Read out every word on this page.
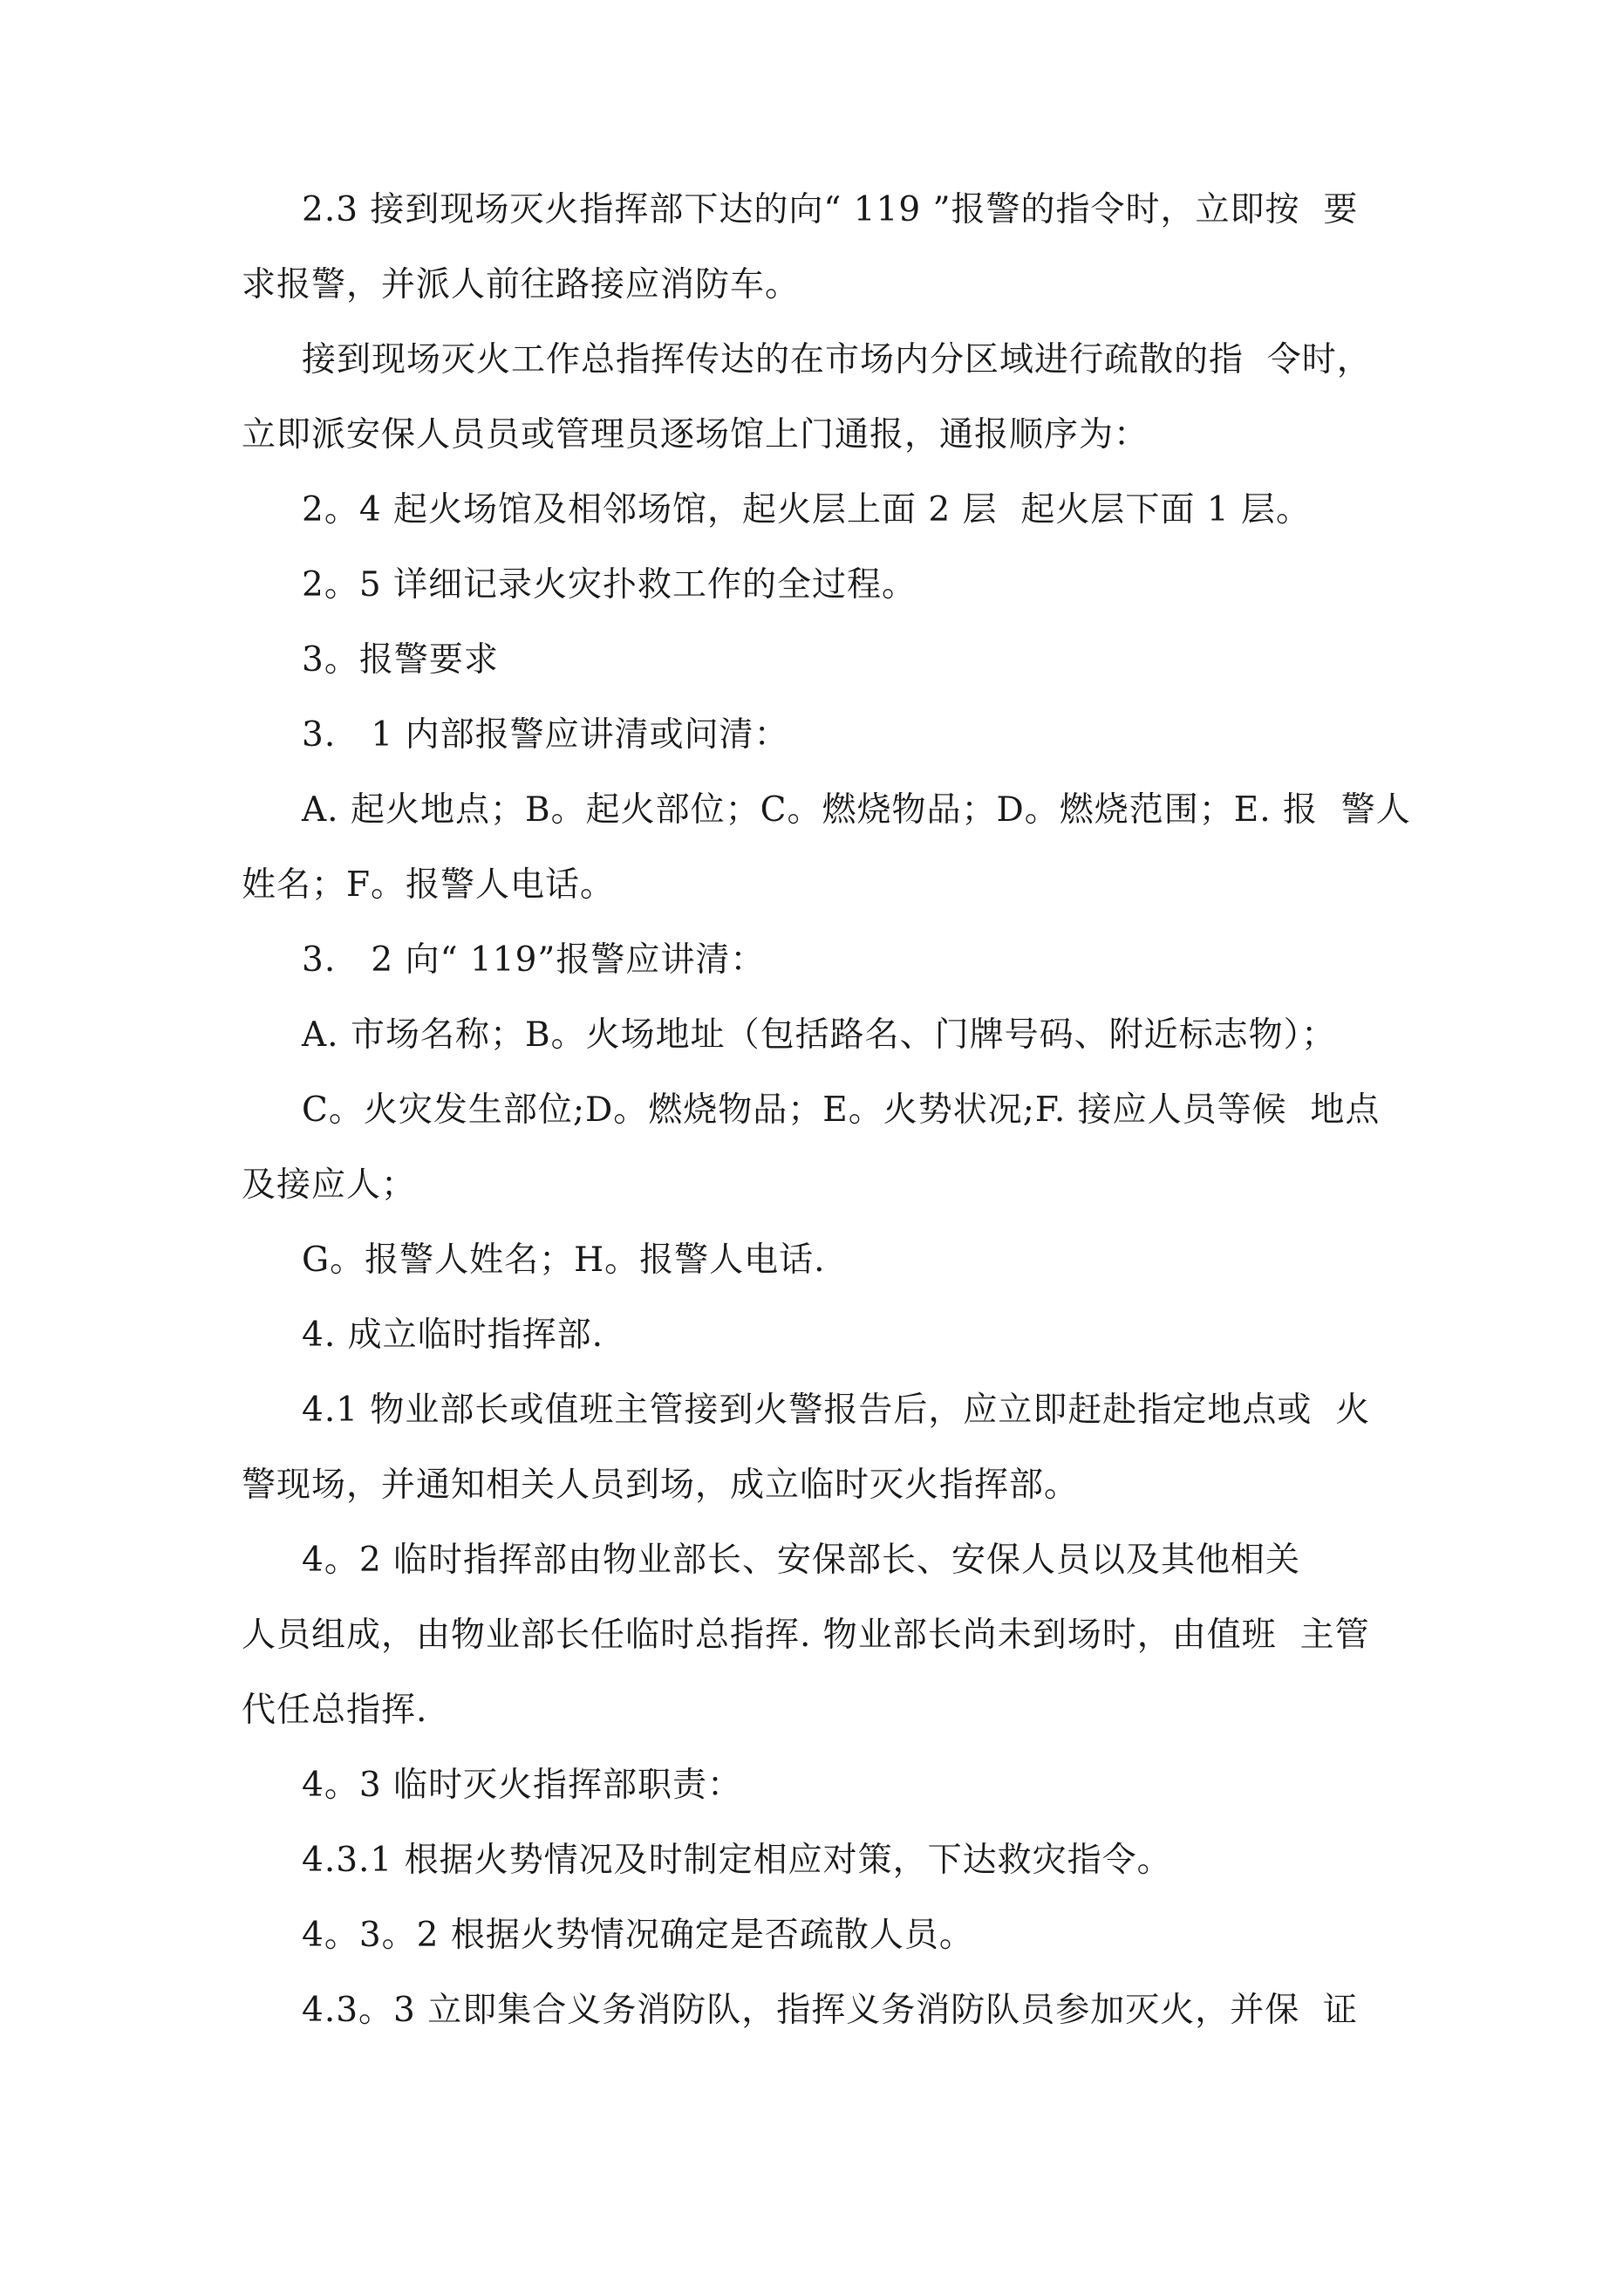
2.3 接到现场灭火指挥部下达的向“ 119 ”报警的指令时，立即按  要
求报警，并派人前往路接应消防车。
接到现场灭火工作总指挥传达的在市场内分区域进行疏散的指  令时，
立即派安保人员员或管理员逐场馆上门通报，通报顺序为：
2。4 起火场馆及相邻场馆，起火层上面 2 层  起火层下面 1 层。
2。5 详细记录火灾扑救工作的全过程。
3。报警要求
3.   1 内部报警应讲清或问清：
A. 起火地点；B。起火部位；C。燃烧物品；D。燃烧范围；E. 报  警人
姓名；F。报警人电话。
3.   2 向“ 119”报警应讲清：
A. 市场名称；B。火场地址（包括路名、门牌号码、附近标志物）；
C。火灾发生部位;D。燃烧物品；E。火势状况;F. 接应人员等候  地点
及接应人；
G。报警人姓名；H。报警人电话.
4. 成立临时指挥部.
4.1 物业部长或值班主管接到火警报告后，应立即赶赴指定地点或  火
警现场，并通知相关人员到场，成立临时灭火指挥部。
4。2 临时指挥部由物业部长、安保部长、安保人员以及其他相关
人员组成，由物业部长任临时总指挥. 物业部长尚未到场时，由值班  主管
代任总指挥.
4。3 临时灭火指挥部职责：
4.3.1 根据火势情况及时制定相应对策，下达救灾指令。
4。3。2 根据火势情况确定是否疏散人员。
4.3。3 立即集合义务消防队，指挥义务消防队员参加灭火，并保  证
